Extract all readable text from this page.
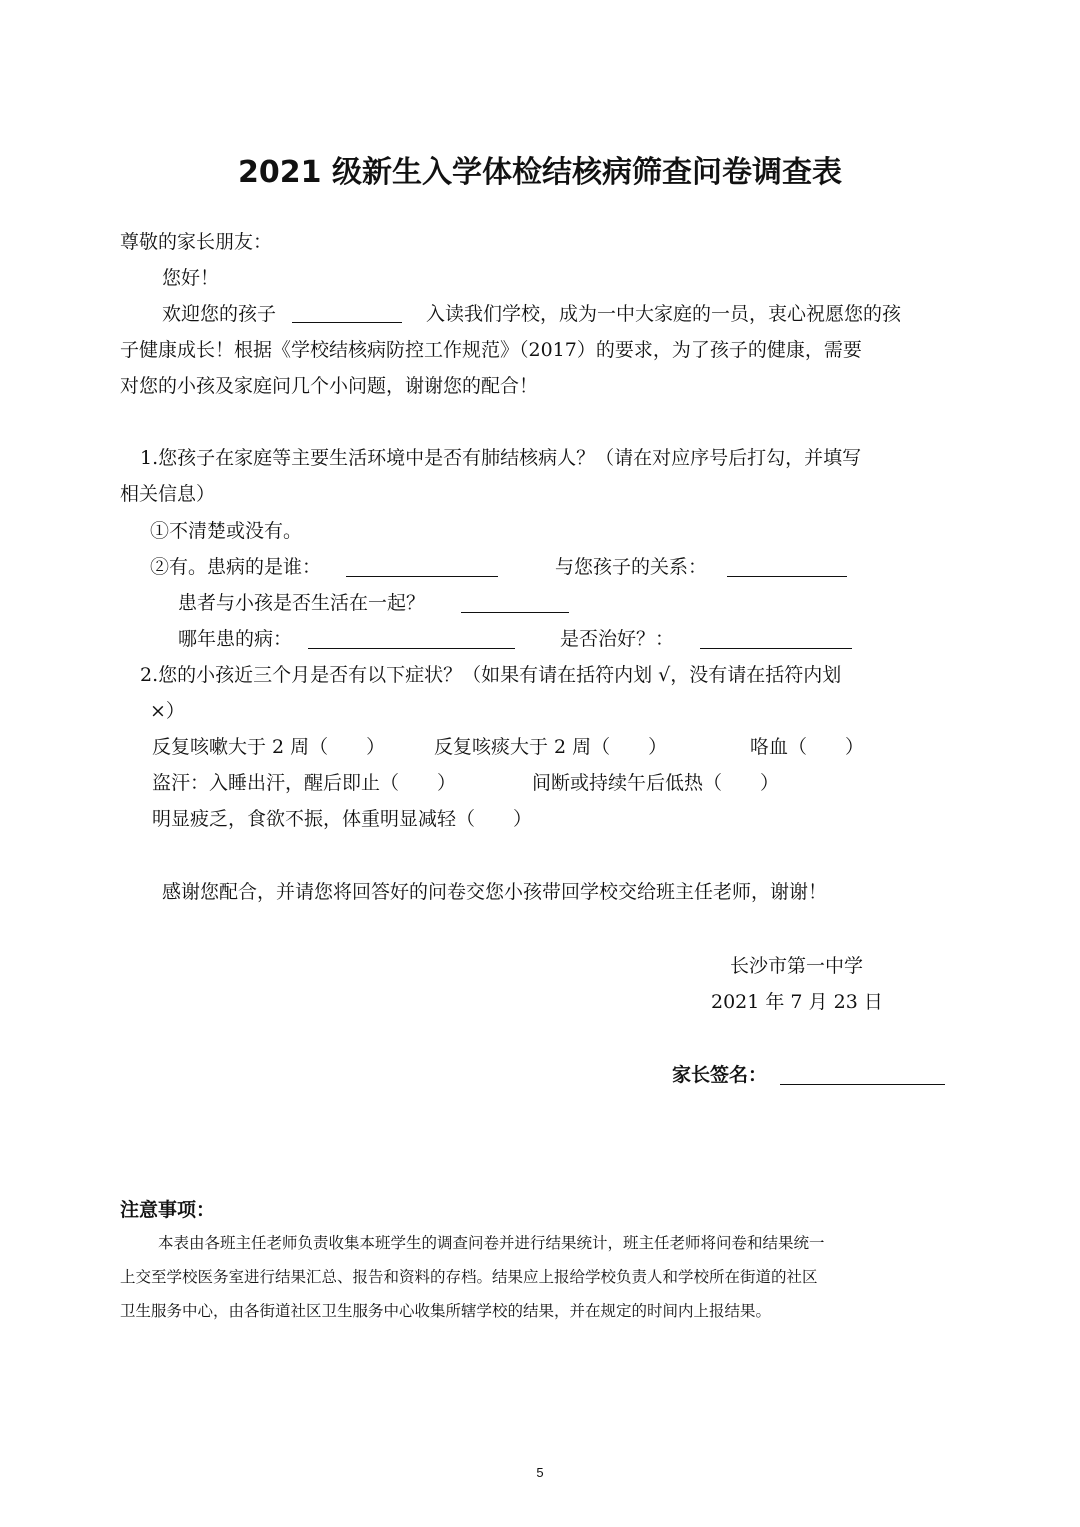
2021 级新生入学体检结核病筛查问卷调查表
尊敬的家长朋友：
您好！
欢迎您的孩子	入读我们学校，成为一中大家庭的一员，衷心祝愿您的孩
子健康成长！根据《学校结核病防控工作规范》（2017）的要求，为了孩子的健康，需要
对您的小孩及家庭问几个小问题，谢谢您的配合！
1.您孩子在家庭等主要生活环境中是否有肺结核病人？（请在对应序号后打勾，并填写
相关信息）
①不清楚或没有。
②有。患病的是谁：	与您孩子的关系：
患者与小孩是否生活在一起？
哪年患的病：	是否治好？：
2.您的小孩近三个月是否有以下症状？（如果有请在括符内划 √，没有请在括符内划
×）
反复咳嗽大于 2 周（　　）	反复咳痰大于 2 周（　　）	咯血（　　）
盗汗：入睡出汗，醒后即止（　　）	间断或持续午后低热（　　）
明显疲乏，食欲不振，体重明显减轻（　　）
感谢您配合，并请您将回答好的问卷交您小孩带回学校交给班主任老师，谢谢！
长沙市第一中学
2021 年 7 月 23 日
家长签名：
注意事项：
本表由各班主任老师负责收集本班学生的调查问卷并进行结果统计，班主任老师将问卷和结果统一
上交至学校医务室进行结果汇总、报告和资料的存档。结果应上报给学校负责人和学校所在街道的社区
卫生服务中心，由各街道社区卫生服务中心收集所辖学校的结果，并在规定的时间内上报结果。
5
